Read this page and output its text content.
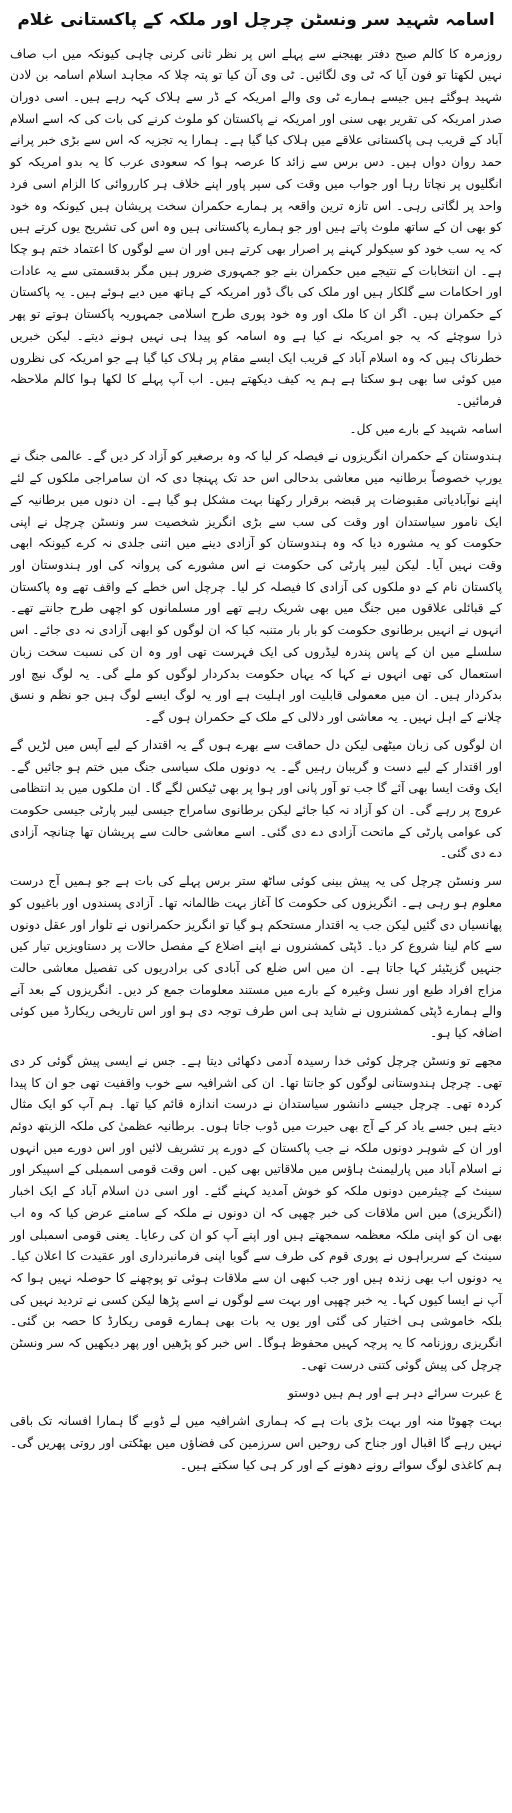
اسامہ شہید سر ونسٹن چرچل اور ملکہ کے پاکستانی غلام

روزمرہ کا کالم صبح دفتر بھیجنے سے پہلے اس پر نظر ثانی کرنی چاہی کیونکہ میں اب صاف نہیں لکھتا تو فون آیا کہ ٹی وی لگائیں۔ ٹی وی آن کیا تو پتہ چلا کہ مجاہد اسلام اسامہ بن لادن شہید ہوگئے ہیں جیسے ہمارے ٹی وی والے امریکہ کے ڈر سے ہلاک کہہ رہے ہیں۔ اسی دوران صدر امریکہ کی تقریر بھی سنی اور امریکہ نے پاکستان کو ملوث کرنے کی بات کی کہ اسے اسلام آباد کے قریب ہی پاکستانی علاقے میں ہلاک کیا گیا ہے۔ ہمارا یہ تجزیہ کہ اس سے بڑی خبر پرانے حمد روان دواں ہیں۔ دس برس سے زائد کا عرصہ ہوا کہ سعودی عرب کا یہ بدو امریکہ کو انگلیوں پر نچاتا رہا اور جواب میں وقت کی سپر پاور اپنے خلاف ہر کارروائی کا الزام اسی فرد واحد پر لگاتی رہی۔ اس تازہ ترین واقعہ پر ہمارے حکمران سخت پریشان ہیں کیونکہ وہ خود کو بھی ان کے ساتھ ملوث پاتے ہیں اور جو ہمارے پاکستانی ہیں وہ اس کی تشریح یوں کرتے ہیں کہ یہ سب خود کو سیکولر کہنے پر اصرار بھی کرتے ہیں اور ان سے لوگوں کا اعتماد ختم ہو چکا ہے۔ ان انتخابات کے نتیجے میں حکمران بنے جو جمہوری ضرور ہیں مگر بدقسمتی سے یہ عادات اور احکامات سے گلکار ہیں اور ملک کی باگ ڈور امریکہ کے ہاتھ میں دیے ہوئے ہیں۔ یہ پاکستان کے حکمران ہیں۔ اگر ان کا ملک اور وہ خود پوری طرح اسلامی جمہوریہ پاکستان ہوتے تو پھر ذرا سوچئے کہ یہ جو امریکہ نے کیا ہے وہ اسامہ کو پیدا ہی نہیں ہونے دیتے۔ لیکن خبریں خطرناک ہیں کہ وہ اسلام آباد کے قریب ایک ایسے مقام پر ہلاک کیا گیا ہے جو امریکہ کی نظروں میں کوئی سا بھی ہو سکتا ہے ہم یہ کیف دیکھتے ہیں۔ اب آپ پہلے کا لکھا ہوا کالم ملاحظہ فرمائیں۔

اسامہ شہید کے بارے میں کل۔

ہندوستان کے حکمران انگریزوں نے فیصلہ کر لیا کہ وہ برصغیر کو آزاد کر دیں گے۔ عالمی جنگ نے یورپ خصوصاً برطانیہ میں معاشی بدحالی اس حد تک پہنچا دی کہ ان سامراجی ملکوں کے لئے اپنے نوآبادیاتی مقبوضات پر قبضہ برقرار رکھنا بہت مشکل ہو گیا ہے۔ ان دنوں میں برطانیہ کے ایک نامور سیاستدان اور وقت کی سب سے بڑی انگریز شخصیت سر ونسٹن چرچل نے اپنی حکومت کو یہ مشورہ دیا کہ وہ ہندوستان کو آزادی دینے میں اتنی جلدی نہ کرے کیونکہ ابھی وقت نہیں آیا۔ لیکن لیبر پارٹی کی حکومت نے اس مشورے کی پروانہ کی اور ہندوستان اور پاکستان نام کے دو ملکوں کی آزادی کا فیصلہ کر لیا۔ چرچل اس خطے کے واقف تھے وہ پاکستان کے قبائلی علاقوں میں جنگ میں بھی شریک رہے تھے اور مسلمانوں کو اچھی طرح جانتے تھے۔ انہوں نے انہیں برطانوی حکومت کو بار بار متنبہ کیا کہ ان لوگوں کو ابھی آزادی نہ دی جائے۔ اس سلسلے میں ان کے پاس پندرہ لیڈروں کی ایک فہرست تھی اور وہ ان کی نسبت سخت زبان استعمال کی تھی انہوں نے کہا کہ یہاں حکومت بدکردار لوگوں کو ملے گی۔ یہ لوگ نیچ اور بدکردار ہیں۔ ان میں معمولی قابلیت اور اہلیت ہے اور یہ لوگ ایسے لوگ ہیں جو نظم و نسق چلانے کے اہل نہیں۔ یہ معاشی اور دلالی کے ملک کے حکمران ہوں گے۔

ان لوگوں کی زبان میٹھی لیکن دل حماقت سے بھرے ہوں گے یہ اقتدار کے لیے آپس میں لڑیں گے اور اقتدار کے لیے دست و گریبان رہیں گے۔ یہ دونوں ملک سیاسی جنگ میں ختم ہو جائیں گے۔ ایک وقت ایسا بھی آئے گا جب تو آور پانی اور ہوا پر بھی ٹیکس لگے گا۔ ان ملکوں میں بد انتظامی عروج پر رہے گی۔ ان کو آزاد نہ کیا جائے لیکن برطانوی سامراج جیسی لیبر پارٹی جیسی حکومت کی عوامی پارٹی کے ماتحت آزادی دے دی گئی۔ اسے معاشی حالت سے پریشان تھا چنانچہ آزادی دے دی گئی۔

سر ونسٹن چرچل کی یہ پیش بینی کوئی ساٹھ ستر برس پہلے کی بات ہے جو ہمیں آج درست معلوم ہو رہی ہے۔ انگریزوں کی حکومت کا آغاز بہت ظالمانہ تھا۔ آزادی پسندوں اور باغیوں کو پھانسیاں دی گئیں لیکن جب یہ اقتدار مستحکم ہو گیا تو انگریز حکمرانوں نے تلوار اور عقل دونوں سے کام لینا شروع کر دیا۔ ڈپٹی کمشنروں نے اپنے اضلاع کے مفصل حالات پر دستاویزیں تیار کیں جنہیں گزیٹیئر کہا جاتا ہے۔ ان میں اس ضلع کی آبادی کی برادریوں کی تفصیل معاشی حالت مزاج افراد طبع اور نسل وغیرہ کے بارے میں مستند معلومات جمع کر دیں۔ انگریزوں کے بعد آنے والے ہمارے ڈپٹی کمشنروں نے شاید ہی اس طرف توجہ دی ہو اور اس تاریخی ریکارڈ میں کوئی اضافہ کیا ہو۔

مجھے تو ونسٹن چرچل کوئی خدا رسیدہ آدمی دکھائی دیتا ہے۔ جس نے ایسی پیش گوئی کر دی تھی۔ چرچل ہندوستانی لوگوں کو جانتا تھا۔ ان کی اشرافیہ سے خوب واقفیت تھی جو ان کا پیدا کردہ تھی۔ چرچل جیسے دانشور سیاستدان نے درست اندازہ قائم کیا تھا۔ ہم آپ کو ایک مثال دیتے ہیں جسے یاد کر کے آج بھی حیرت میں ڈوب جاتا ہوں۔ برطانیہ عظمیٰ کی ملکہ الزبتھ دوئم اور ان کے شوہر دونوں ملکہ نے جب پاکستان کے دورے پر تشریف لائیں اور اس دورے میں انہوں نے اسلام آباد میں پارلیمنٹ ہاؤس میں ملاقاتیں بھی کیں۔ اس وقت قومی اسمبلی کے اسپیکر اور سینٹ کے چیئرمین دونوں ملکہ کو خوش آمدید کہنے گئے۔ اور اسی دن اسلام آباد کے ایک اخبار (انگریزی) میں اس ملاقات کی خبر چھپی کہ ان دونوں نے ملکہ کے سامنے عرض کیا کہ وہ اب بھی ان کو اپنی ملکہ معظمہ سمجھتے ہیں اور اپنے آپ کو ان کی رعایا۔ یعنی قومی اسمبلی اور سینٹ کے سربراہوں نے پوری قوم کی طرف سے گویا اپنی فرمانبرداری اور عقیدت کا اعلان کیا۔ یہ دونوں اب بھی زندہ ہیں اور جب کبھی ان سے ملاقات ہوئی تو پوچھنے کا حوصلہ نہیں ہوا کہ آپ نے ایسا کیوں کہا۔ یہ خبر چھپی اور بہت سے لوگوں نے اسے پڑھا لیکن کسی نے تردید نہیں کی بلکہ خاموشی ہی اختیار کی گئی اور یوں یہ بات بھی ہمارے قومی ریکارڈ کا حصہ بن گئی۔ انگریزی روزنامہ کا یہ پرچہ کہیں محفوظ ہوگا۔ اس خبر کو پڑھیں اور پھر دیکھیں کہ سر ونسٹن چرچل کی پیش گوئی کتنی درست تھی۔

ع عبرت سرائے دہر ہے اور ہم ہیں دوستو

بہت چھوٹا منہ اور بہت بڑی بات ہے کہ ہماری اشرافیہ میں لے ڈوبے گا ہمارا افسانہ تک باقی نہیں رہے گا اقبال اور جناح کی روحیں اس سرزمین کی فضاؤں میں بھٹکتی اور روتی پھریں گی۔ ہم کاغذی لوگ سوائے رونے دھونے کے اور کر ہی کیا سکتے ہیں۔
